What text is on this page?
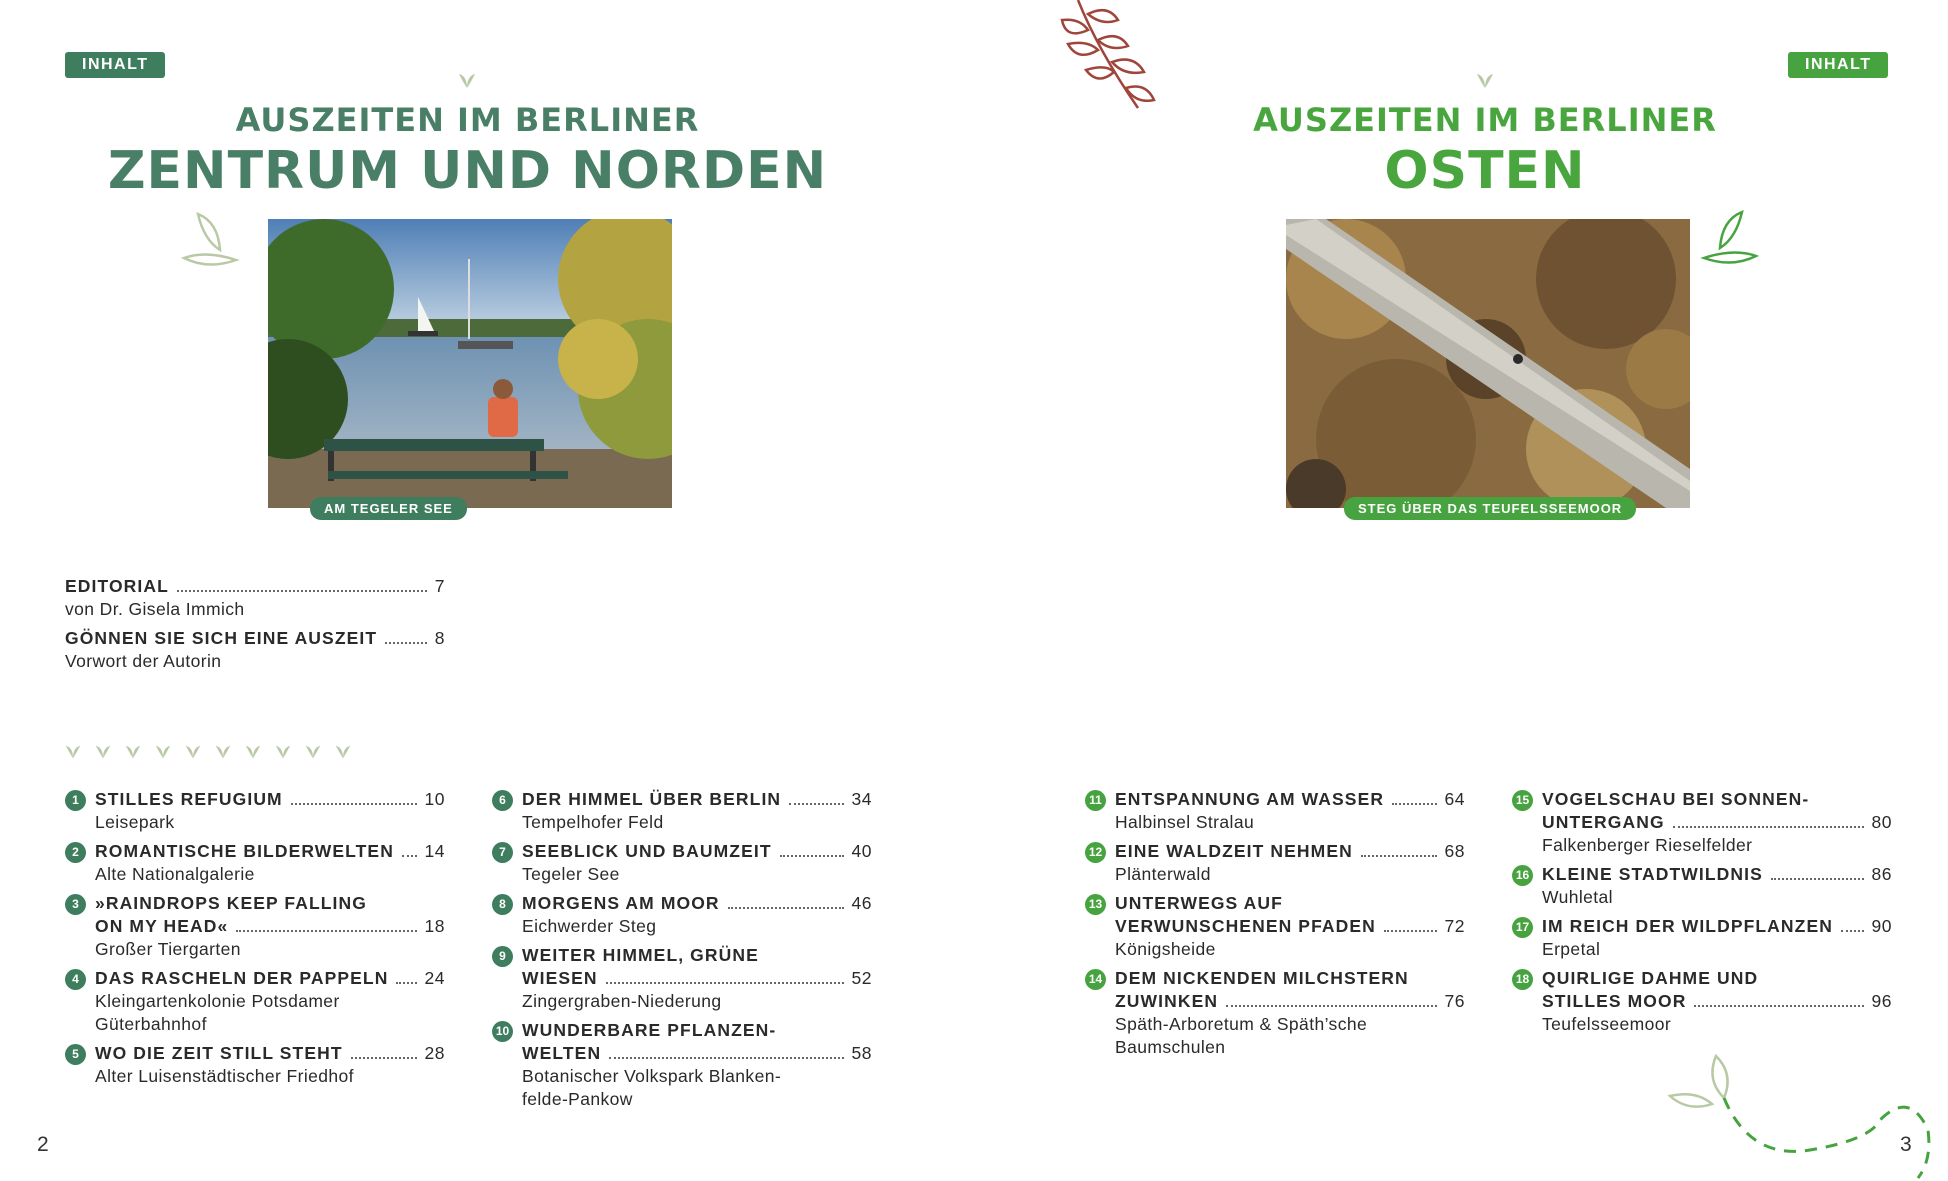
INHALT
AUSZEITEN IM BERLINER
ZENTRUM UND NORDEN
AM TEGELER SEE
EDITORIAL	7
von Dr. Gisela Immich
GÖNNEN SIE SICH EINE AUSZEIT	8
Vorwort der Autorin
1 STILLES REFUGIUM	10
Leisepark
2 ROMANTISCHE BILDERWELTEN 14
Alte Nationalgalerie
3 »RAINDROPS KEEP FALLING
ON MY HEAD«	18
Großer Tiergarten
4 DAS RASCHELN DER PAPPELN 24
Kleingartenkolonie Potsdamer
Güterbahnhof
5 WO DIE ZEIT STILL STEHT	28
Alter Luisenstädtischer Friedhof
6 DER HIMMEL ÜBER BERLIN	34
Tempelhofer Feld
7 SEEBLICK UND BAUMZEIT	40
Tegeler See
8 MORGENS AM MOOR	46
Eichwerder Steg
9 WEITER HIMMEL, GRÜNE
WIESEN	52
Zingergraben-Niederung
10 WUNDERBARE PFLANZEN-
WELTEN	58
Botanischer Volkspark Blanken-
felde-Pankow
2
INHALT
AUSZEITEN IM BERLINER
OSTEN
STEG ÜBER DAS TEUFELSSEEMOOR
11 ENTSPANNUNG AM WASSER	64
Halbinsel Stralau
12 EINE WALDZEIT NEHMEN	68
Plänterwald
13 UNTERWEGS AUF
VERWUNSCHENEN PFADEN	72
Königsheide
14 DEM NICKENDEN MILCHSTERN
ZUWINKEN	76
Späth-Arboretum & Späth’sche
Baumschulen
15 VOGELSCHAU BEI SONNEN-
UNTERGANG	80
Falkenberger Rieselfelder
16 KLEINE STADTWILDNIS	86
Wuhletal
17 IM REICH DER WILDPFLANZEN 90
Erpetal
18 QUIRLIGE DAHME UND
STILLES MOOR	96
Teufelsseemoor
3
